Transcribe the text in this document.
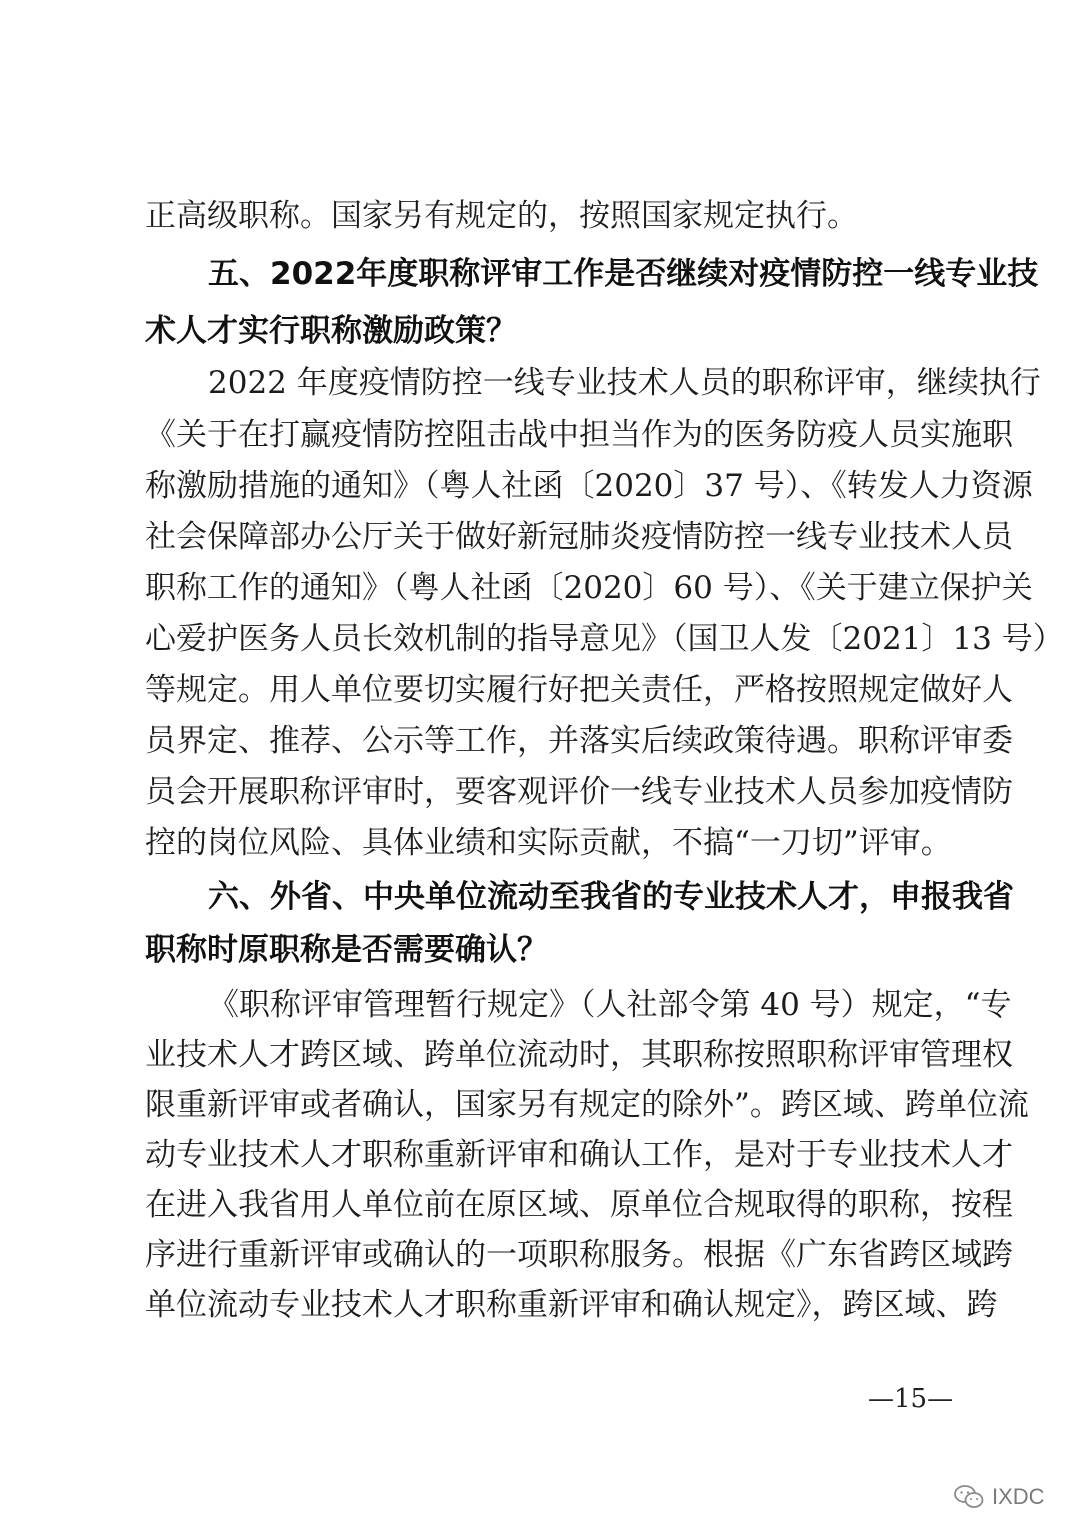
正高级职称。国家另有规定的，按照国家规定执行。
五、2022年度职称评审工作是否继续对疫情防控一线专业技
术人才实行职称激励政策？
2022 年度疫情防控一线专业技术人员的职称评审，继续执行
《关于在打赢疫情防控阻击战中担当作为的医务防疫人员实施职
称激励措施的通知》（粤人社函〔2020〕37 号）、《转发人力资源
社会保障部办公厅关于做好新冠肺炎疫情防控一线专业技术人员
职称工作的通知》（粤人社函〔2020〕60 号）、《关于建立保护关
心爱护医务人员长效机制的指导意见》（国卫人发〔2021〕13 号）
等规定。用人单位要切实履行好把关责任，严格按照规定做好人
员界定、推荐、公示等工作，并落实后续政策待遇。职称评审委
员会开展职称评审时，要客观评价一线专业技术人员参加疫情防
控的岗位风险、具体业绩和实际贡献，不搞“一刀切”评审。
六、外省、中央单位流动至我省的专业技术人才，申报我省
职称时原职称是否需要确认？
《职称评审管理暂行规定》（人社部令第 40 号）规定，“专
业技术人才跨区域、跨单位流动时，其职称按照职称评审管理权
限重新评审或者确认，国家另有规定的除外”。跨区域、跨单位流
动专业技术人才职称重新评审和确认工作，是对于专业技术人才
在进入我省用人单位前在原区域、原单位合规取得的职称，按程
序进行重新评审或确认的一项职称服务。根据《广东省跨区域跨
单位流动专业技术人才职称重新评审和确认规定》，跨区域、跨
—15—
IXDC
